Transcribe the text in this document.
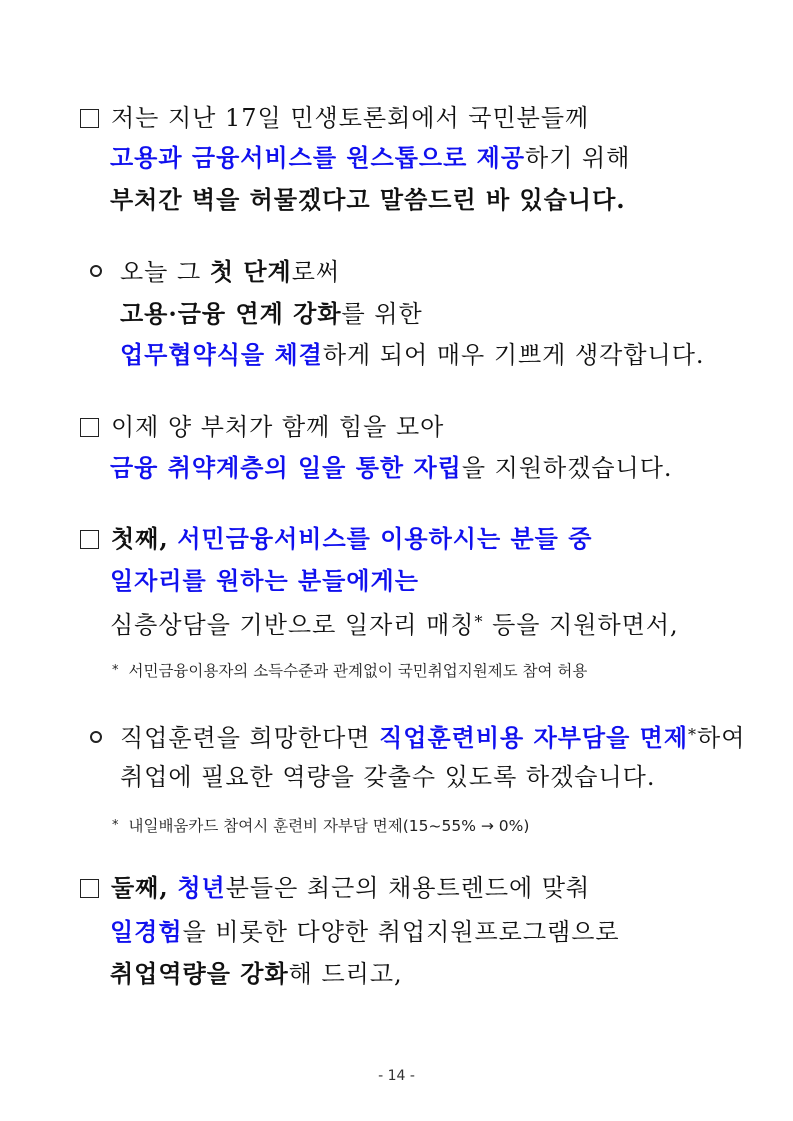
저는 지난 17일 민생토론회에서 국민분들께
고용과 금융서비스를 원스톱으로 제공하기 위해
부처간 벽을 허물겠다고 말씀드린 바 있습니다.
오늘 그 첫 단계로써
고용·금융 연계 강화를 위한
업무협약식을 체결하게 되어 매우 기쁘게 생각합니다.
이제 양 부처가 함께 힘을 모아
금융 취약계층의 일을 통한 자립을 지원하겠습니다.
첫째, 서민금융서비스를 이용하시는 분들 중
일자리를 원하는 분들에게는
심층상담을 기반으로 일자리 매칭* 등을 지원하면서,
* 서민금융이용자의 소득수준과 관계없이 국민취업지원제도 참여 허용
직업훈련을 희망한다면 직업훈련비용 자부담을 면제*하여
취업에 필요한 역량을 갖출수 있도록 하겠습니다.
* 내일배움카드 참여시 훈련비 자부담 면제(15~55% → 0%)
둘째, 청년분들은 최근의 채용트렌드에 맞춰
일경험을 비롯한 다양한 취업지원프로그램으로
취업역량을 강화해 드리고,
- 14 -
